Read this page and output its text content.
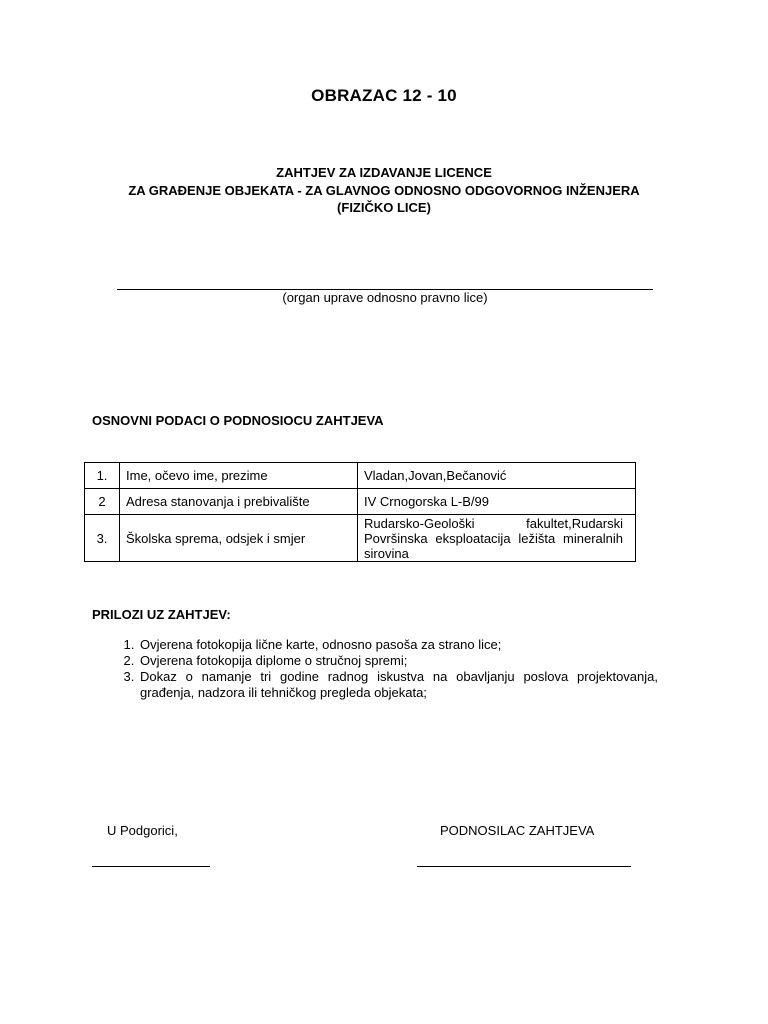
OBRAZAC 12 - 10
ZAHTJEV ZA IZDAVANJE LICENCE
ZA GRAĐENJE OBJEKATA - ZA GLAVNOG ODNOSNO ODGOVORNOG INŽENJERA
(FIZIČKO LICE)
(organ uprave odnosno pravno lice)
OSNOVNI PODACI O PODNOSIOCU ZAHTJEVA
1.	Ime, očevo ime, prezime	Vladan,Jovan,Bečanović
2	Adresa stanovanja i prebivalište	IV Crnogorska L-B/99
3.	Školska sprema, odsjek i smjer	Rudarsko-Geološki fakultet,Rudarski Površinska eksploatacija ležišta mineralnih sirovina
PRILOZI UZ ZAHTJEV:
1. Ovjerena fotokopija lične karte, odnosno pasoša za strano lice;
2. Ovjerena fotokopija diplome o stručnoj spremi;
3. Dokaz o namanje tri godine radnog iskustva na obavljanju poslova projektovanja, građenja, nadzora ili tehničkog pregleda objekata;
U Podgorici,	PODNOSILAC ZAHTJEVA
